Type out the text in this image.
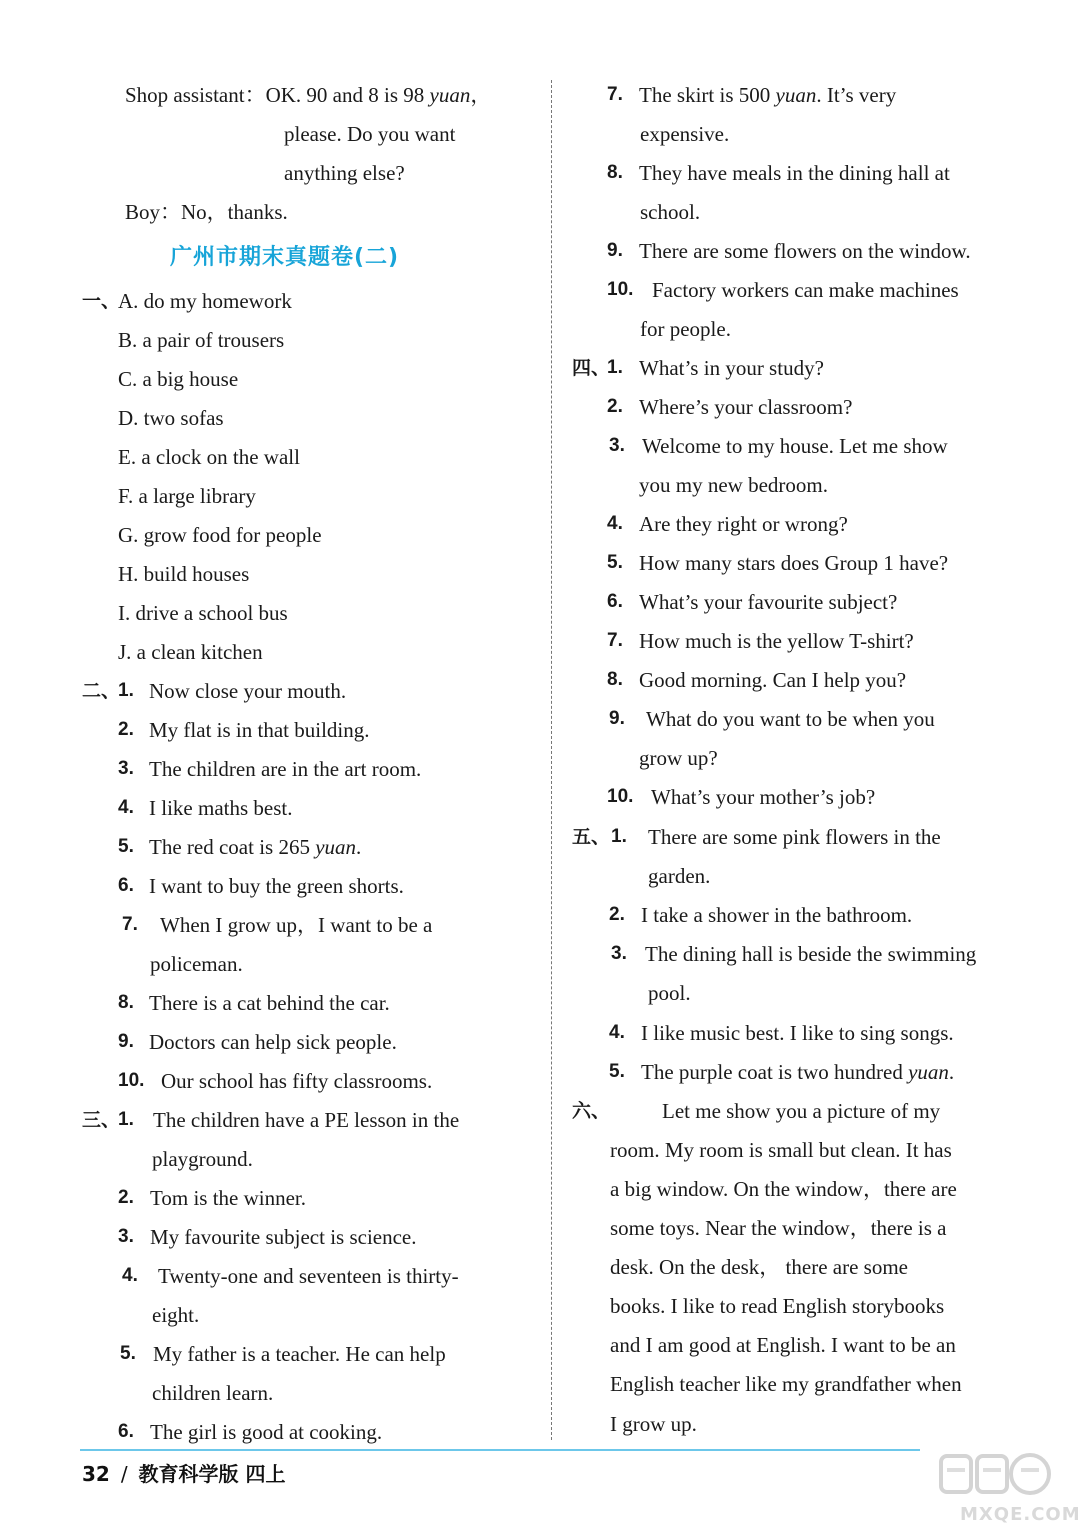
Shop assistant：OK. 90 and 8 is 98 yuan，
please. Do you want
anything else?
Boy：No，thanks.
广州市期末真题卷(二)
一、
A. do my homework
B. a pair of trousers
C. a big house
D. two sofas
E. a clock on the wall
F. a large library
G. grow food for people
H. build houses
I. drive a school bus
J. a clean kitchen
二、
1. Now close your mouth.
2. My flat is in that building.
3. The children are in the art room.
4. I like maths best.
5. The red coat is 265 yuan.
6. I want to buy the green shorts.
7. When I grow up，I want to be a
policeman.
8. There is a cat behind the car.
9. Doctors can help sick people.
10. Our school has fifty classrooms.
三、
1. The children have a PE lesson in the
playground.
2. Tom is the winner.
3. My favourite subject is science.
4. Twenty-one and seventeen is thirty-
eight.
5. My father is a teacher. He can help
children learn.
6. The girl is good at cooking.
7. The skirt is 500 yuan. It’s very
expensive.
8. They have meals in the dining hall at
school.
9. There are some flowers on the window.
10. Factory workers can make machines
for people.
四、
1. What’s in your study?
2. Where’s your classroom?
3. Welcome to my house. Let me show
you my new bedroom.
4. Are they right or wrong?
5. How many stars does Group 1 have?
6. What’s your favourite subject?
7. How much is the yellow T-shirt?
8. Good morning. Can I help you?
9. What do you want to be when you
grow up?
10. What’s your mother’s job?
五、 1. There are some pink flowers in the
garden.
2. I take a shower in the bathroom.
3. The dining hall is beside the swimming
pool.
4. I like music best. I like to sing songs.
5. The purple coat is two hundred yuan.
六、 Let me show you a picture of my
room. My room is small but clean. It has
a big window. On the window，there are
some toys. Near the window，there is a
desk. On the desk， there are some
books. I like to read English storybooks
and I am good at English. I want to be an
English teacher like my grandfather when
I grow up.
32 / 教育科学版 四上
MXQE.COM
